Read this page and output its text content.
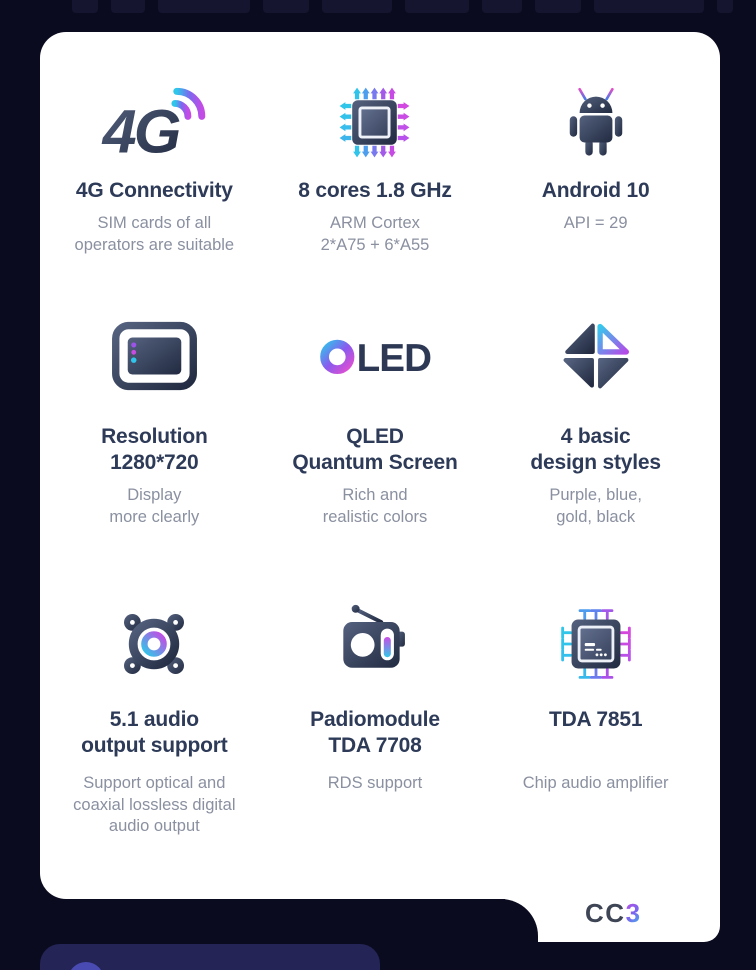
4G
4G Connectivity
SIM cards of all
operators are suitable
8 cores 1.8 GHz
ARM Cortex
2*A75 + 6*A55
Android 10
API = 29
Resolution
1280*720
Display
more clearly
LED
QLED
Quantum Screen
Rich and
realistic colors
4 basic
design styles
Purple, blue,
gold, black
5.1 audio
output support
Support optical and
coaxial lossless digital
audio output
Padiomodule
TDA 7708
RDS support
TDA 7851
Chip audio amplifier
CC3
